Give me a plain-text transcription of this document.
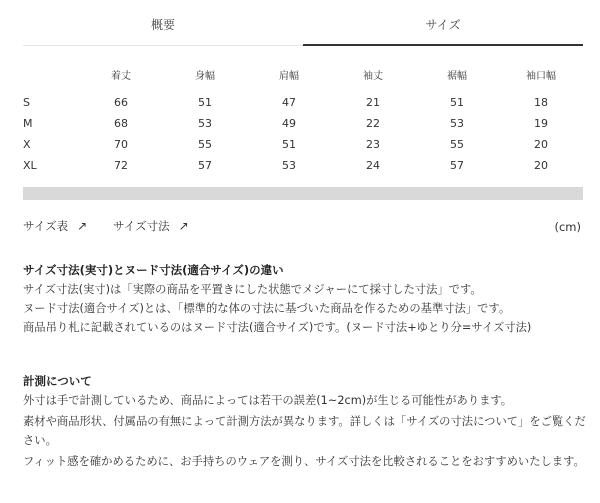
概要	サイズ
	着丈	身幅	肩幅	袖丈	裾幅	袖口幅
S	66	51	47	21	51	18
M	68	53	49	22	53	19
X	70	55	51	23	55	20
XL	72	57	53	24	57	20
サイズ表 ↗ サイズ寸法 ↗	(cm)
サイズ寸法(実寸)とヌード寸法(適合サイズ)の違い

サイズ寸法(実寸)は「実際の商品を平置きにした状態でメジャーにて採寸した寸法」です。

ヌード寸法(適合サイズ)とは、「標準的な体の寸法に基づいた商品を作るための基準寸法」です。

商品吊り札に記載されているのはヌード寸法(適合サイズ)です。(ヌード寸法+ゆとり分=サイズ寸法)

計測について

外寸は手で計測しているため、商品によっては若干の誤差(1~2cm)が生じる可能性があります。

素材や商品形状、付属品の有無によって計測方法が異なります。詳しくは「サイズの寸法について」をご覧ください。

フィット感を確かめるために、お手持ちのウェアを測り、サイズ寸法を比較されることをおすすめいたします。
